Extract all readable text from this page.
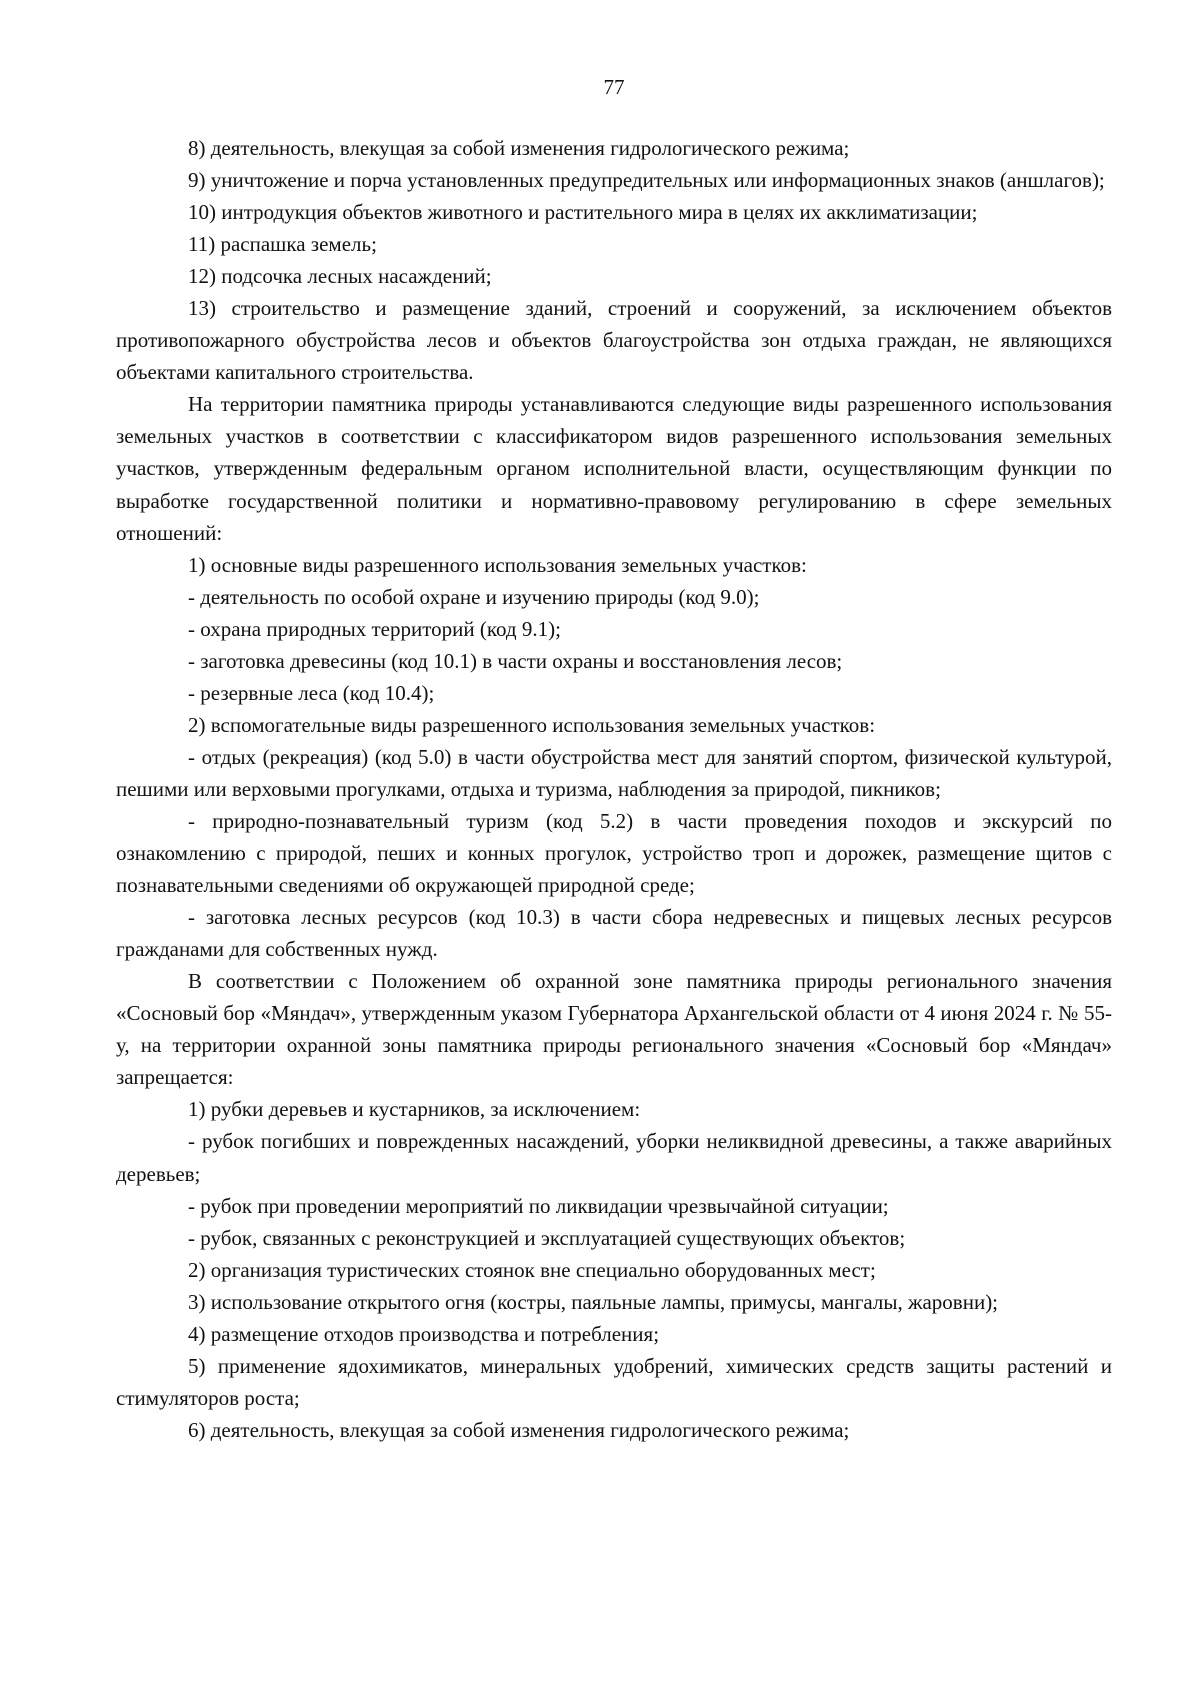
77

8) деятельность, влекущая за собой изменения гидрологического режима;

9) уничтожение и порча установленных предупредительных или информационных знаков (аншлагов);

10) интродукция объектов животного и растительного мира в целях их акклиматизации;

11) распашка земель;

12) подсочка лесных насаждений;

13) строительство и размещение зданий, строений и сооружений, за исключением объектов противопожарного обустройства лесов и объектов благоустройства зон отдыха граждан, не являющихся объектами капитального строительства.

На территории памятника природы устанавливаются следующие виды разрешенного использования земельных участков в соответствии с классификатором видов разрешенного использования земельных участков, утвержденным федеральным органом исполнительной власти, осуществляющим функции по выработке государственной политики и нормативно-правовому регулированию в сфере земельных отношений:

1) основные виды разрешенного использования земельных участков:

- деятельность по особой охране и изучению природы (код 9.0);

- охрана природных территорий (код 9.1);

- заготовка древесины (код 10.1) в части охраны и восстановления лесов;

- резервные леса (код 10.4);

2) вспомогательные виды разрешенного использования земельных участков:

- отдых (рекреация) (код 5.0) в части обустройства мест для занятий спортом, физической культурой, пешими или верховыми прогулками, отдыха и туризма, наблюдения за природой, пикников;

- природно-познавательный туризм (код 5.2) в части проведения походов и экскурсий по ознакомлению с природой, пеших и конных прогулок, устройство троп и дорожек, размещение щитов с познавательными сведениями об окружающей природной среде;

- заготовка лесных ресурсов (код 10.3) в части сбора недревесных и пищевых лесных ресурсов гражданами для собственных нужд.

В соответствии с Положением об охранной зоне памятника природы регионального значения «Сосновый бор «Мяндач», утвержденным указом Губернатора Архангельской области от 4 июня 2024 г. № 55-у, на территории охранной зоны памятника природы регионального значения «Сосновый бор «Мяндач» запрещается:

1) рубки деревьев и кустарников, за исключением:

- рубок погибших и поврежденных насаждений, уборки неликвидной древесины, а также аварийных деревьев;

- рубок при проведении мероприятий по ликвидации чрезвычайной ситуации;

- рубок, связанных с реконструкцией и эксплуатацией существующих объектов;

2) организация туристических стоянок вне специально оборудованных мест;

3) использование открытого огня (костры, паяльные лампы, примусы, мангалы, жаровни);

4) размещение отходов производства и потребления;

5) применение ядохимикатов, минеральных удобрений, химических средств защиты растений и стимуляторов роста;

6) деятельность, влекущая за собой изменения гидрологического режима;
